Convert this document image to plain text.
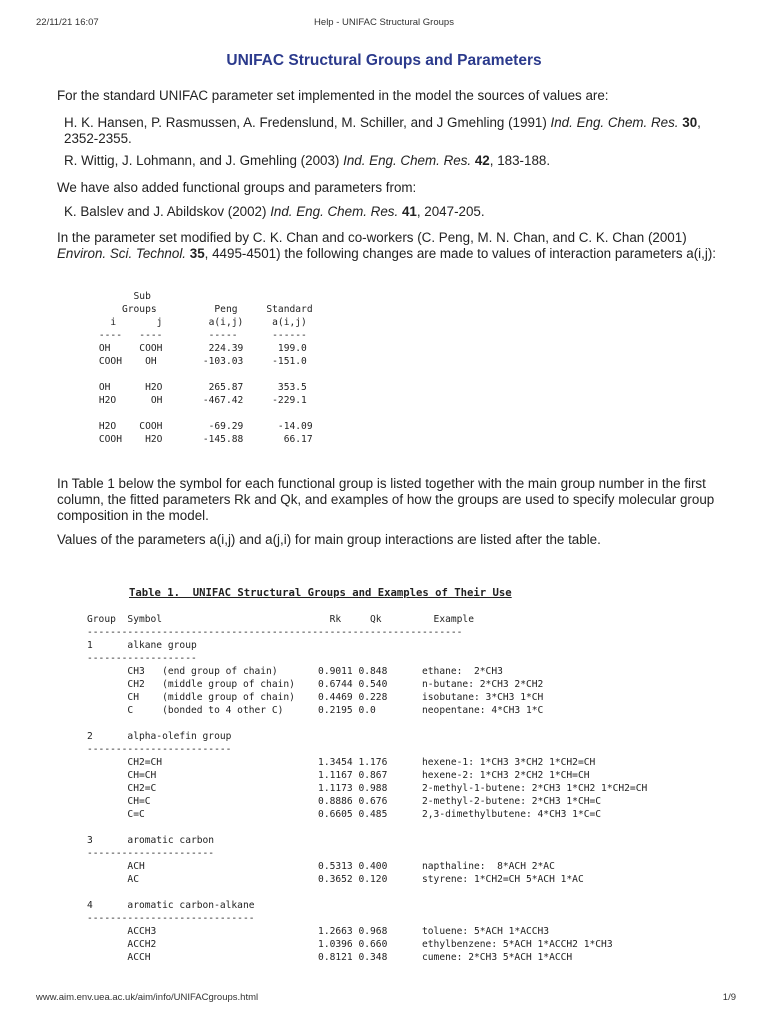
22/11/21 16:07	Help - UNIFAC Structural Groups
UNIFAC Structural Groups and Parameters

For the standard UNIFAC parameter set implemented in the model the sources of values are:

H. K. Hansen, P. Rasmussen, A. Fredenslund, M. Schiller, and J Gmehling (1991) Ind. Eng. Chem. Res. 30, 2352-2355.

R. Wittig, J. Lohmann, and J. Gmehling (2003) Ind. Eng. Chem. Res. 42, 183-188.

We have also added functional groups and parameters from:

K. Balslev and J. Abildskov (2002) Ind. Eng. Chem. Res. 41, 2047-205.

In the parameter set modified by C. K. Chan and co-workers (C. Peng, M. N. Chan, and C. K. Chan (2001) Environ. Sci. Technol. 35, 4495-4501) the following changes are made to values of interaction parameters a(i,j):

Sub
Groups          Peng     Standard
i       j        a(i,j)     a(i,j)
----   ----        -----      ------
OH     COOH        224.39      199.0
COOH    OH        -103.03     -151.0

OH      H2O        265.87      353.5
H2O      OH       -467.42     -229.1

H2O    COOH        -69.29      -14.09
COOH    H2O       -145.88       66.17

In Table 1 below the symbol for each functional group is listed together with the main group number in the first column, the fitted parameters Rk and Qk, and examples of how the groups are used to specify molecular group composition in the model.

Values of the parameters a(i,j) and a(j,i) for main group interactions are listed after the table.

Table 1.  UNIFAC Structural Groups and Examples of Their Use
Group  Symbol                             Rk     Qk         Example
-----------------------------------------------------------------
1      alkane group
-------------------
CH3   (end group of chain)       0.9011 0.848      ethane:  2*CH3
CH2   (middle group of chain)    0.6744 0.540      n-butane: 2*CH3 2*CH2
CH    (middle group of chain)    0.4469 0.228      isobutane: 3*CH3 1*CH
C     (bonded to 4 other C)      0.2195 0.0        neopentane: 4*CH3 1*C

2      alpha-olefin group
-------------------------
CH2=CH                           1.3454 1.176      hexene-1: 1*CH3 3*CH2 1*CH2=CH
CH=CH                            1.1167 0.867      hexene-2: 1*CH3 2*CH2 1*CH=CH
CH2=C                            1.1173 0.988      2-methyl-1-butene: 2*CH3 1*CH2 1*CH2=CH
CH=C                             0.8886 0.676      2-methyl-2-butene: 2*CH3 1*CH=C
C=C                              0.6605 0.485      2,3-dimethylbutene: 4*CH3 1*C=C

3      aromatic carbon
----------------------
ACH                              0.5313 0.400      napthaline:  8*ACH 2*AC
AC                               0.3652 0.120      styrene: 1*CH2=CH 5*ACH 1*AC

4      aromatic carbon-alkane
-----------------------------
ACCH3                            1.2663 0.968      toluene: 5*ACH 1*ACCH3
ACCH2                            1.0396 0.660      ethylbenzene: 5*ACH 1*ACCH2 1*CH3
ACCH                             0.8121 0.348      cumene: 2*CH3 5*ACH 1*ACCH
www.aim.env.uea.ac.uk/aim/info/UNIFACgroups.html	1/9
